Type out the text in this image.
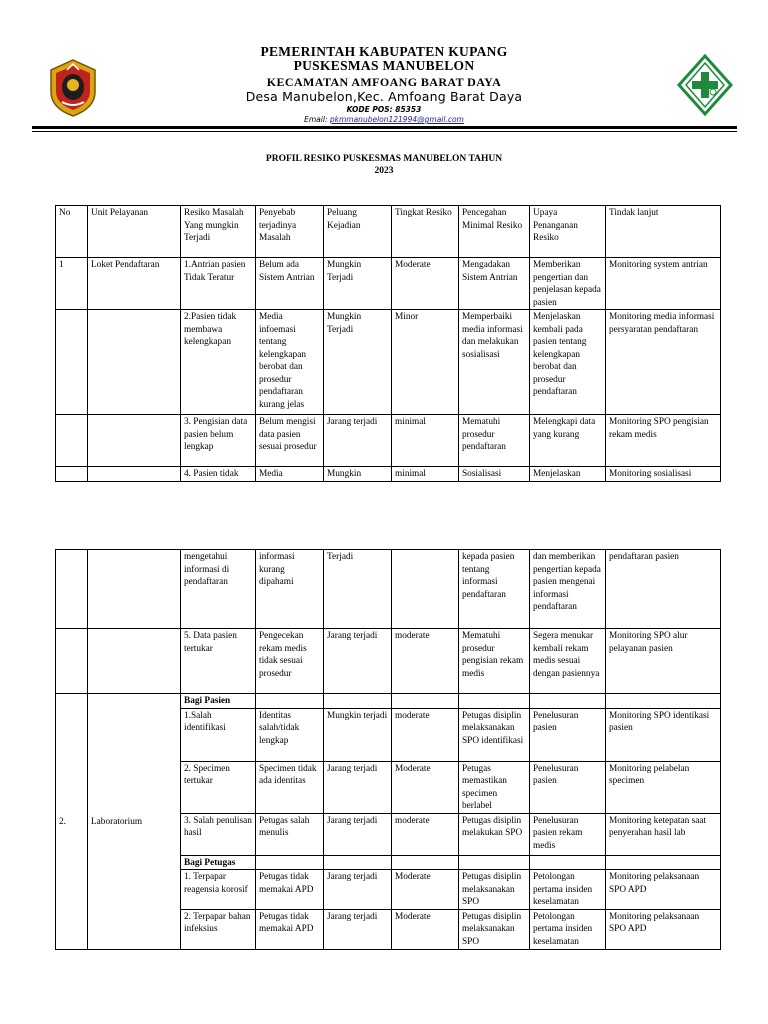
PEMERINTAH KABUPATEN KUPANG
PUSKESMAS MANUBELON
KECAMATAN AMFOANG BARAT DAYA
Desa Manubelon,Kec. Amfoang Barat Daya
KODE POS: 85353
Email: pkmmanubelon121994@gmail.com
PROFIL RESIKO PUSKESMAS MANUBELON TAHUN
2023
No	Unit Pelayanan	Resiko Masalah Yang mungkin Terjadi	Penyebab terjadinya Masalah	Peluang Kejadian	Tingkat Resiko	Pencegahan Minimal Resiko	Upaya Penanganan Resiko	Tindak lanjut
1	Loket Pendaftaran	1.Antrian pasien Tidak Teratur	Belum ada Sistem Antrian	Mungkin Terjadi	Moderate	Mengadakan Sistem Antrian	Memberikan pengertian dan penjelasan kepada pasien	Monitoring system antrian
		2.Pasien tidak membawa kelengkapan	Media infoemasi tentang kelengkapan berobat dan prosedur pendaftaran kurang jelas	Mungkin Terjadi	Minor	Memperbaiki media informasi dan melakukan sosialisasi	Menjelaskan kembali pada pasien tentang kelengkapan berobat dan prosedur pendaftaran	Monitoring media informasi persyaratan pendaftaran
		3. Pengisian data pasien belum lengkap	Belum mengisi data pasien sesuai prosedur	Jarang terjadi	minimal	Mematuhi prosedur pendaftaran	Melengkapi data yang kurang	Monitoring SPO pengisian rekam medis
		4. Pasien tidak	Media	Mungkin	minimal	Sosialisasi	Menjelaskan	Monitoring sosialisasi
		mengetahui informasi di pendaftaran	informasi kurang dipahami	Terjadi		kepada pasien tentang informasi pendaftaran	dan memberikan pengertian kepada pasien mengenai informasi pendaftaran	pendaftaran pasien
		5. Data pasien tertukar	Pengecekan rekam medis tidak sesuai prosedur	Jarang terjadi	moderate	Mematuhi prosedur pengisian rekam medis	Segera menukar kembali rekam medis sesuai dengan pasiennya	Monitoring SPO alur pelayanan pasien
2.	Laboratorium	Bagi Pasien						
		1.Salah identifikasi	Identitas salah/tidak lengkap	Mungkin terjadi	moderate	Petugas disiplin melaksanakan SPO identifikasi	Penelusuran pasien	Monitoring SPO identikasi pasien
		2. Specimen tertukar	Specimen tidak ada identitas	Jarang terjadi	Moderate	Petugas memastikan specimen berlabel	Penelusuran pasien	Monitoring pelabelan specimen
		3. Salah penulisan hasil	Petugas salah menulis	Jarang terjadi	moderate	Petugas disiplin melakukan SPO	Penelusuran pasien rekam medis	Monitoring ketepatan saat penyerahan hasil lab
		Bagi Petugas						
		1. Terpapar reagensia korosif	Petugas tidak memakai APD	Jarang terjadi	Moderate	Petugas disiplin melaksanakan SPO	Petolongan pertama insiden keselamatan	Monitoring pelaksanaan SPO APD
		2. Terpapar bahan infeksius	Petugas tidak memakai APD	Jarang terjadi	Moderate	Petugas disiplin melaksanakan SPO	Petolongan pertama insiden keselamatan	Monitoring pelaksanaan SPO APD
